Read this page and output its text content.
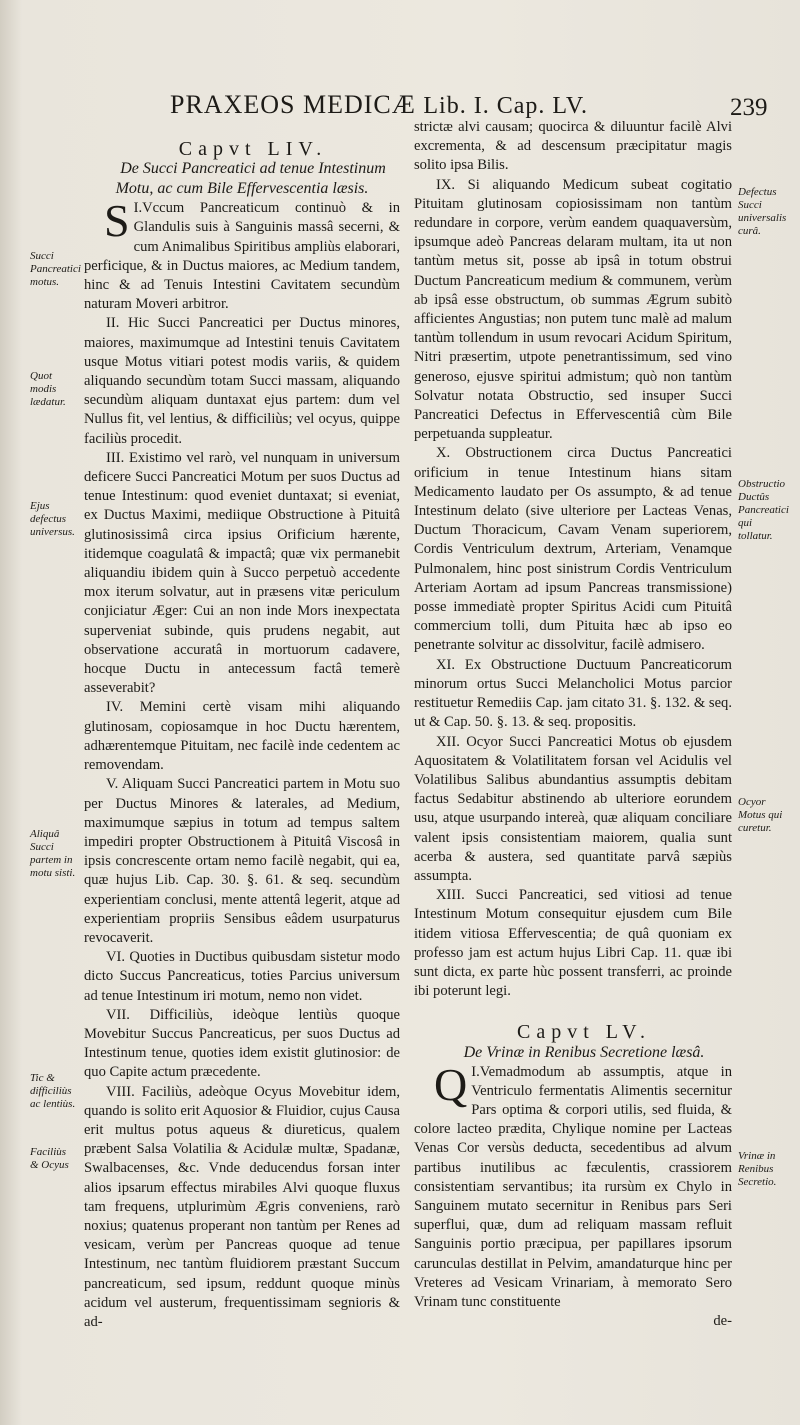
PRAXEOS MEDICÆ Lib. I. Cap. LV.	239

Capvt LIV.

De Succi Pancreatici ad tenue Intestinum Motu, ac cum Bile Effervescentia læsis.

I.
S Vccum Pancreaticum continuò & in Glandulis suis à Sanguinis massâ secerni, & cum Animalibus Spiritibus ampliùs elaborari, perficique, & in Ductus maiores, ac Medium tandem, hinc & ad Tenuis Intestini Cavitatem secundùm naturam Moveri arbitror.

II. Hic Succi Pancreatici per Ductus minores, maiores, maximumque ad Intestini tenuis Cavitatem usque Motus vitiari potest modis variis, & quidem aliquando secundùm totam Succi massam, aliquando secundùm aliquam duntaxat ejus partem: dum vel Nullus fit, vel lentius, & difficiliùs; vel ocyus, quippe faciliùs procedit.

III. Existimo vel rarò, vel nunquam in universum deficere Succi Pancreatici Motum per suos Ductus ad tenue Intestinum: quod eveniet duntaxat; si eveniat, ex Ductus Maximi, mediique Obstructione à Pituitâ glutinosissimâ circa ipsius Orificium hærente, itidemque coagulatâ & impactâ; quæ vix permanebit aliquandiu ibidem quin à Succo perpetuò accedente mox iterum solvatur, aut in præsens vitæ periculum conjiciatur Æger: Cui an non inde Mors inexpectata superveniat subinde, quis prudens negabit, aut observatione accuratâ in mortuorum cadavere, hocque Ductu in antecessum factâ temerè asseverabit?

IV. Memini certè visam mihi aliquando glutinosam, copiosamque in hoc Ductu hærentem, adhærentemque Pituitam, nec facilè inde cedentem ac removendam.

V. Aliquam Succi Pancreatici partem in Motu suo per Ductus Minores & laterales, ad Medium, maximumque sæpius in totum ad tempus saltem impediri propter Obstructionem à Pituitâ Viscosâ in ipsis concrescente ortam nemo facilè negabit, qui ea, quæ hujus Lib. Cap. 30. §. 61. & seq. secundùm experientiam conclusi, mente attentâ legerit, atque ad experientiam propriis Sensibus eâdem usurpaturus revocaverit.

VI. Quoties in Ductibus quibusdam sistetur modo dicto Succus Pancreaticus, toties Parcius universum ad tenue Intestinum iri motum, nemo non videt.

VII. Difficiliùs, ideòque lentiùs quoque Movebitur Succus Pancreaticus, per suos Ductus ad Intestinum tenue, quoties idem existit glutinosior: de quo Capite actum præcedente.

VIII. Faciliùs, adeòque Ocyus Movebitur idem, quando is solito erit Aquosior & Fluidior, cujus Causa erit multus potus aqueus & diureticus, qualem præbent Salsa Volatilia & Acidulæ multæ, Spadanæ, Swalbacenses, &c. Vnde deducendus forsan inter alios ipsarum effectus mirabiles Alvi quoque fluxus tam frequens, utplurimùm Ægris conveniens, rarò noxius; quatenus properant non tantùm per Renes ad vesicam, verùm per Pancreas quoque ad tenue Intestinum, nec tantùm fluidiorem præstant Succum pancreaticum, sed ipsum, reddunt quoque minùs acidum vel austerum, frequentissimam segnioris & ad-

strictæ alvi causam; quocirca & diluuntur facilè Alvi excrementa, & ad descensum præcipitatur magis solito ipsa Bilis.

IX. Si aliquando Medicum subeat cogitatio Pituitam glutinosam copiosissimam non tantùm redundare in corpore, verùm eandem quaquaversùm, ipsumque adeò Pancreas delaram multam, ita ut non tantùm metus sit, posse ab ipsâ in totum obstrui Ductum Pancreaticum medium & communem, verùm ab ipsâ esse obstructum, ob summas Ægrum subitò afficientes Angustias; non putem tunc malè ad malum tantùm tollendum in usum revocari Acidum Spiritum, Nitri præsertim, utpote penetrantissimum, sed vino generoso, ejusve spiritui admistum; quò non tantùm Solvatur notata Obstructio, sed insuper Succi Pancreatici Defectus in Effervescentiâ cùm Bile perpetuanda suppleatur.

X. Obstructionem circa Ductus Pancreatici orificium in tenue Intestinum hians sitam Medicamento laudato per Os assumpto, & ad tenue Intestinum delato (sive ulteriore per Lacteas Venas, Ductum Thoracicum, Cavam Venam superiorem, Cordis Ventriculum dextrum, Arteriam, Venamque Pulmonalem, hinc post sinistrum Cordis Ventriculum Arteriam Aortam ad ipsum Pancreas transmissione) posse immediatè propter Spiritus Acidi cum Pituitâ commercium tolli, dum Pituita hæc ab ipso eo penetrante solvitur ac dissolvitur, facilè admisero.

XI. Ex Obstructione Ductuum Pancreaticorum minorum ortus Succi Melancholici Motus parcior restituetur Remediis Cap. jam citato 31. §. 132. & seq. ut & Cap. 50. §. 13. & seq. propositis.

XII. Ocyor Succi Pancreatici Motus ob ejusdem Aquositatem & Volatilitatem forsan vel Acidulis vel Volatilibus Salibus abundantius assumptis debitam factus Sedabitur abstinendo ab ulteriore eorundem usu, atque usurpando intereà, quæ aliquam conciliare valent ipsis consistentiam maiorem, qualia sunt acerba & austera, sed quantitate parvâ sæpiùs assumpta.

XIII. Succi Pancreatici, sed vitiosi ad tenue Intestinum Motum consequitur ejusdem cum Bile itidem vitiosa Effervescentia; de quâ quoniam ex professo jam est actum hujus Libri Cap. 11. quæ ibi sunt dicta, ex parte hùc possent transferri, ac proinde ibi poterunt legi.

Capvt LV.

De Vrinæ in Renibus Secretione læsâ.

I.
Q Vemadmodum ab assumptis, atque in Ventriculo fermentatis Alimentis secernitur Pars optima & corpori utilis, sed fluida, & colore lacteo prædita, Chylique nomine per Lacteas Venas Cor versùs deducta, secedentibus ad alvum partibus inutilibus ac fæculentis, crassiorem consistentiam servantibus; ita rursùm ex Chylo in Sanguinem mutato secernitur in Renibus pars Seri superflui, quæ, dum ad reliquam massam refluit Sanguinis portio præcipua, per papillares ipsorum carunculas destillat in Pelvim, amandaturque hinc per Vreteres ad Vesicam Vrinariam, à memorato Sero Vrinam tunc constituente

de-

Succi Pancreatici motus.
Quot modis lædatur.
Ejus defectus universus.
Aliquâ Succi partem in motu sisti.
Tic & difficiliùs ac lentiùs.
Faciliùs & Ocyus
Defectus Succi universalis curâ.
Obstructio Ductûs Pancreatici qui tollatur.
Ocyor Motus qui curetur.
Vrinæ in Renibus Secretio.
